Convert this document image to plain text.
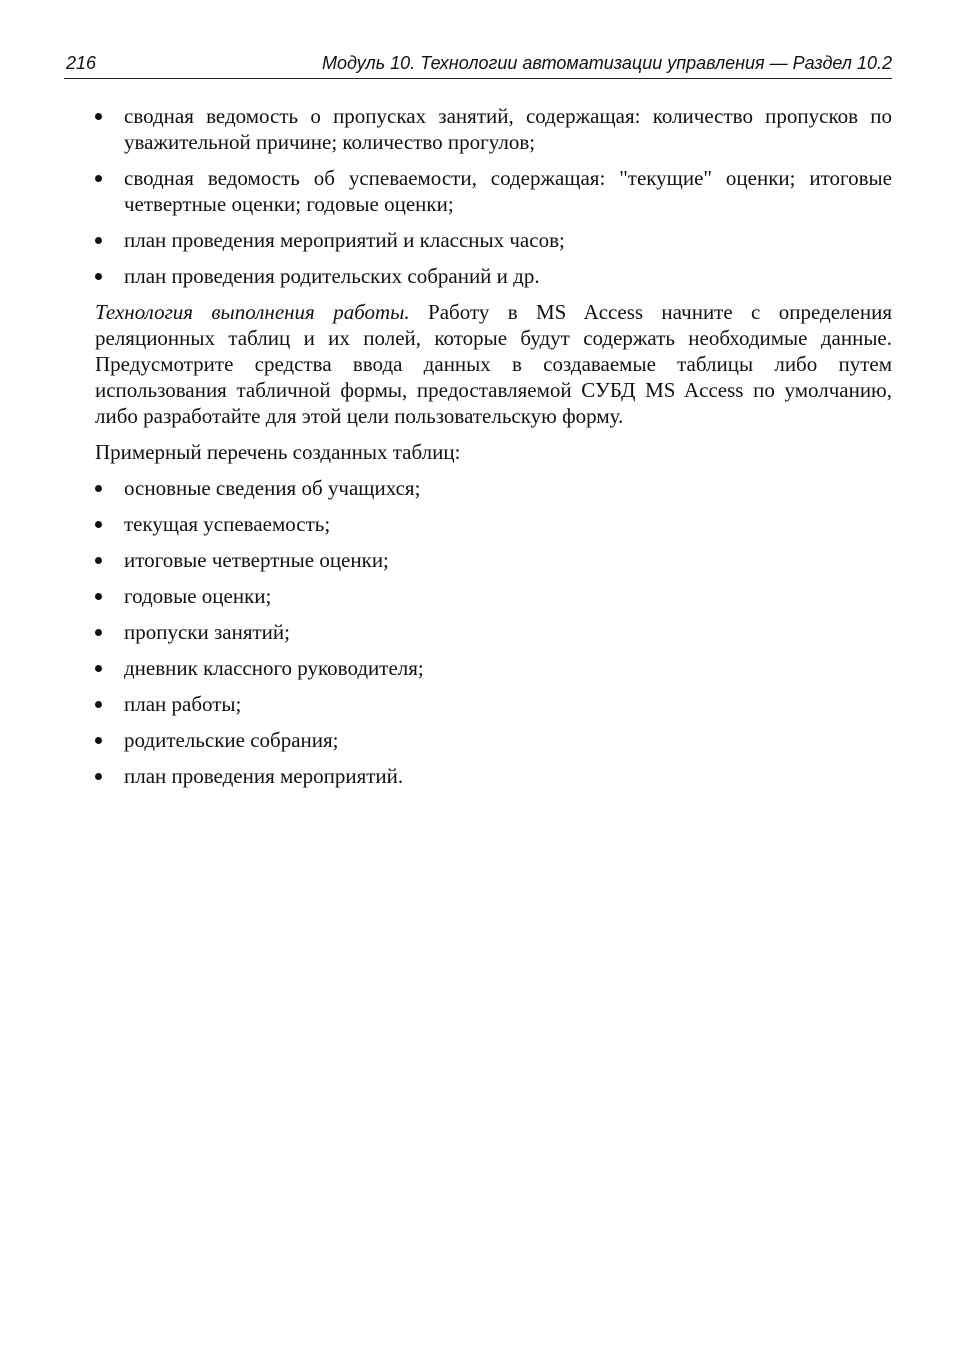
216	Модуль 10. Технологии автоматизации управления — Раздел 10.2
сводная ведомость о пропусках занятий, содержащая: количество пропусков по уважительной причине; количество прогулов;
сводная ведомость об успеваемости, содержащая: "текущие" оценки; итоговые четвертные оценки; годовые оценки;
план проведения мероприятий и классных часов;
план проведения родительских собраний и др.

Технология выполнения работы. Работу в MS Access начните с определения реляционных таблиц и их полей, которые будут содержать необходимые данные. Предусмотрите средства ввода данных в создаваемые таблицы либо путем использования табличной формы, предоставляемой СУБД MS Access по умолчанию, либо разработайте для этой цели пользовательскую форму.

Примерный перечень созданных таблиц:

основные сведения об учащихся;
текущая успеваемость;
итоговые четвертные оценки;
годовые оценки;
пропуски занятий;
дневник классного руководителя;
план работы;
родительские собрания;
план проведения мероприятий.
